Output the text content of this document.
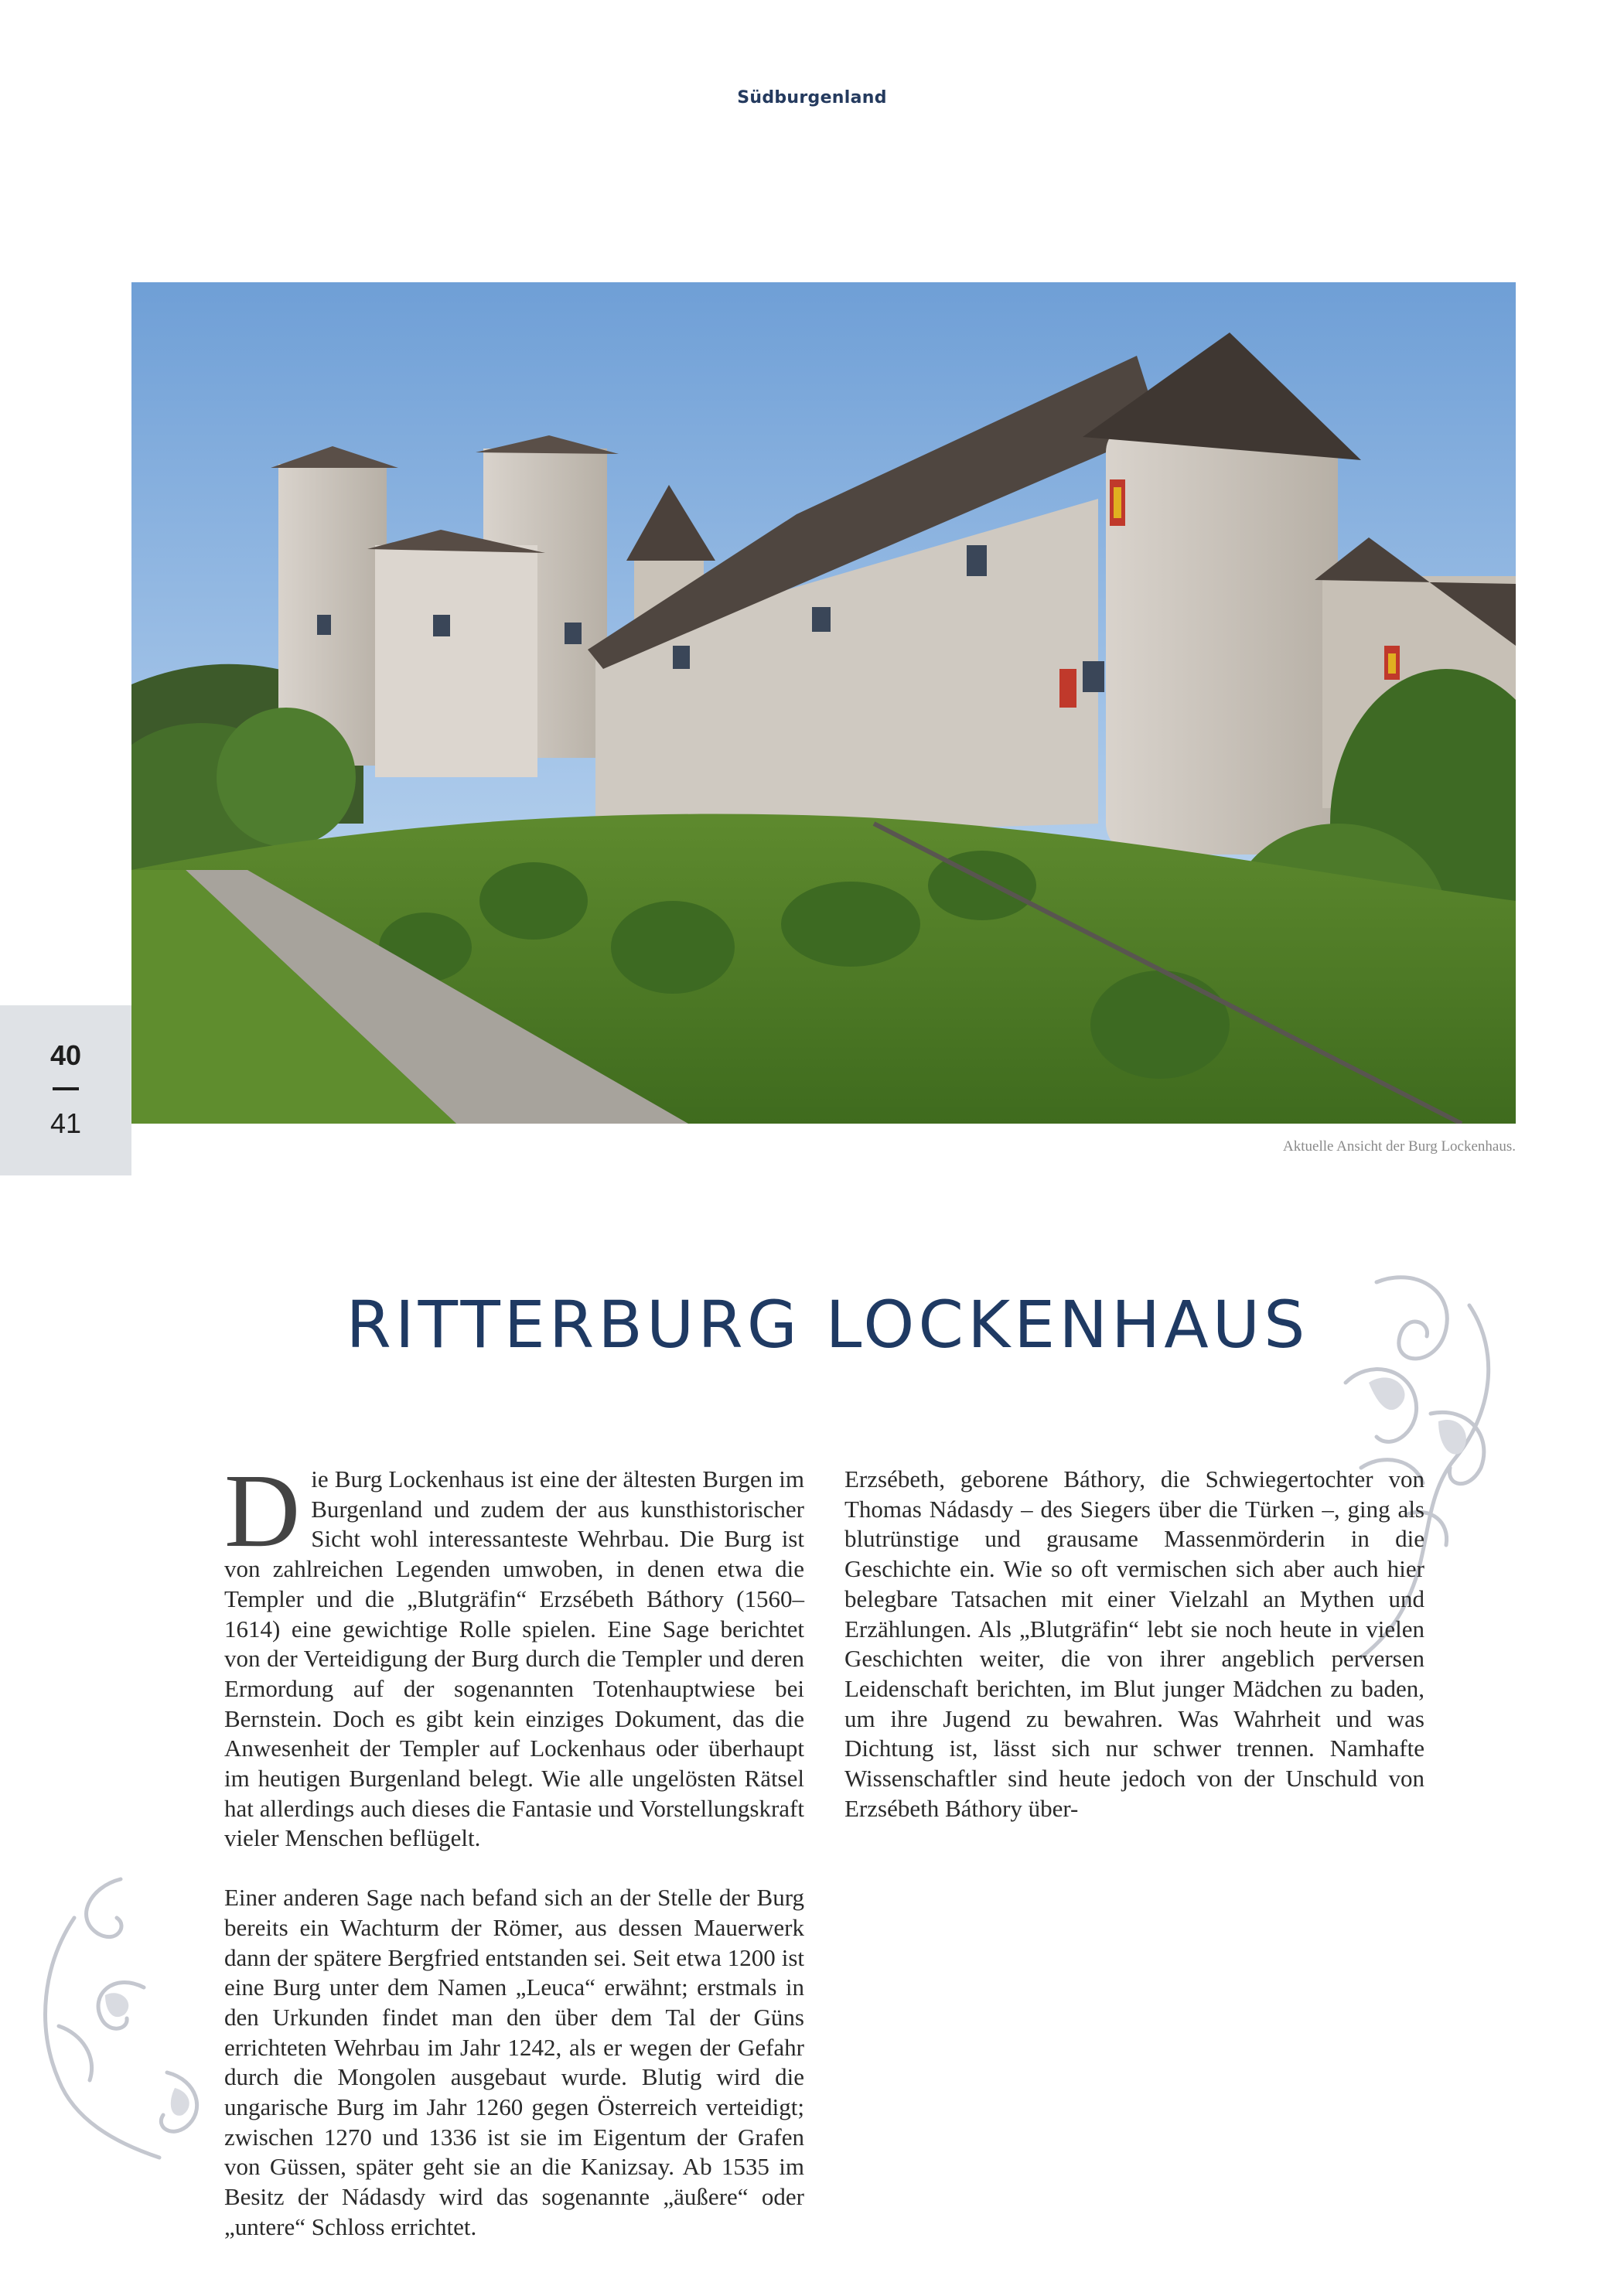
Südburgenland
Aktuelle Ansicht der Burg Lockenhaus.
40
41
RITTERBURG LOCKENHAUS

Die Burg Lockenhaus ist eine der ältesten Burgen im Burgenland und zudem der aus kunsthistorischer Sicht wohl interessanteste Wehrbau. Die Burg ist von zahlreichen Legenden umwoben, in denen etwa die Templer und die „Blutgräfin“ Erzsébeth Báthory (1560–1614) eine gewichtige Rolle spielen. Eine Sage berichtet von der Verteidigung der Burg durch die Templer und deren Ermordung auf der sogenannten Totenhauptwiese bei Bernstein. Doch es gibt kein einziges Dokument, das die Anwesenheit der Templer auf Lockenhaus oder überhaupt im heutigen Burgenland belegt. Wie alle ungelösten Rätsel hat allerdings auch dieses die Fantasie und Vorstellungskraft vieler Menschen beflügelt.

Einer anderen Sage nach befand sich an der Stelle der Burg bereits ein Wachturm der Römer, aus dessen Mauerwerk dann der spätere Bergfried entstanden sei. Seit etwa 1200 ist eine Burg unter dem Namen „Leuca“ erwähnt; erstmals in den Urkunden findet man den über dem Tal der Güns errichteten Wehrbau im Jahr 1242, als er wegen der Gefahr durch die Mongolen ausgebaut wurde. Blutig wird die ungarische Burg im Jahr 1260 gegen Österreich verteidigt; zwischen 1270 und 1336 ist sie im Eigentum der Grafen von Güssen, später geht sie an die Kanizsay. Ab 1535 im Besitz der Nádasdy wird das sogenannte „äußere“ oder „untere“ Schloss errichtet.

Erzsébeth, geborene Báthory, die Schwiegertochter von Thomas Nádasdy – des Siegers über die Türken –, ging als blutrünstige und grausame Massenmörderin in die Geschichte ein. Wie so oft vermischen sich aber auch hier belegbare Tatsachen mit einer Vielzahl an Mythen und Erzählungen. Als „Blutgräfin“ lebt sie noch heute in vielen Geschichten weiter, die von ihrer angeblich perversen Leidenschaft berichten, im Blut junger Mädchen zu baden, um ihre Jugend zu bewahren. Was Wahrheit und was Dichtung ist, lässt sich nur schwer trennen. Namhafte Wissenschaftler sind heute jedoch von der Unschuld von Erzsébeth Báthory über-
